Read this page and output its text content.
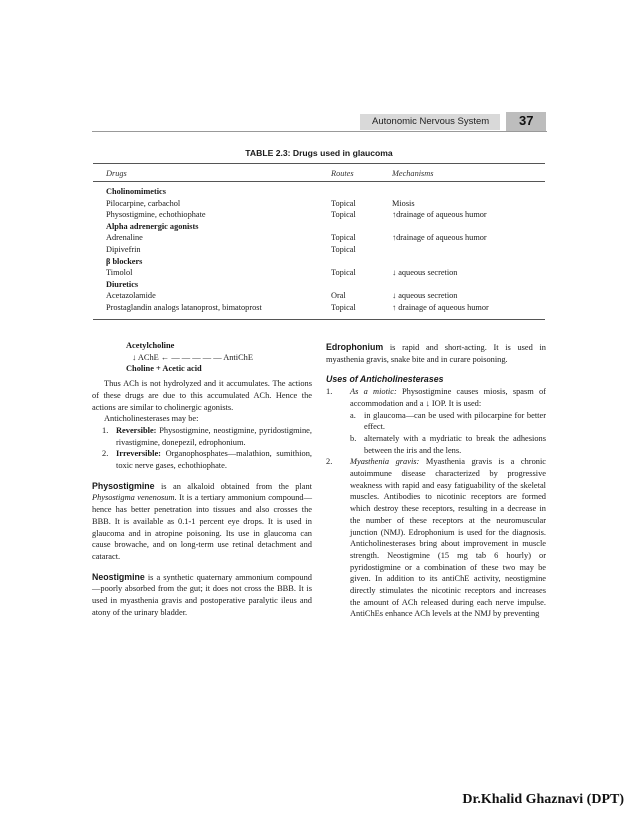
Autonomic Nervous System 37
TABLE 2.3: Drugs used in glaucoma
Drugs	Routes	Mechanisms
Cholinomimetics
Pilocarpine, carbachol	Topical	Miosis
Physostigmine, echothiophate	Topical	↑drainage of aqueous humor
Alpha adrenergic agonists
Adrenaline	Topical	↑drainage of aqueous humor
Dipivefrin	Topical
β blockers
Timolol	Topical	↓ aqueous secretion
Diuretics
Acetazolamide	Oral	↓ aqueous secretion
Prostaglandin analogs latanoprost, bimatoprost	Topical	↑ drainage of aqueous humor
Acetylcholine
↓ AChE ← — — — — — AntiChE
Choline + Acetic acid

Thus ACh is not hydrolyzed and it accumulates. The actions of these drugs are due to this accumulated ACh. Hence the actions are similar to cholinergic agonists.

Anticholinesterases may be:

1. Reversible: Physostigmine, neostigmine, pyridostigmine, rivastigmine, donepezil, edrophonium.
2. Irreversible: Organophosphates—malathion, sumithion, toxic nerve gases, echothiophate.

Physostigmine is an alkaloid obtained from the plant Physostigma venenosum. It is a tertiary ammonium compound—hence has better penetration into tissues and also crosses the BBB. It is available as 0.1-1 percent eye drops. It is used in glaucoma and in atropine poisoning. Its use in glaucoma can cause browache, and on long-term use retinal detachment and cataract.

Neostigmine is a synthetic quaternary ammonium compound—poorly absorbed from the gut; it does not cross the BBB. It is used in myasthenia gravis and postoperative paralytic ileus and atony of the urinary bladder.

Edrophonium is rapid and short-acting. It is used in myasthenia gravis, snake bite and in curare poisoning.

Uses of Anticholinesterases
1. As a miotic: Physostigmine causes miosis, spasm of accommodation and a ↓ IOP. It is used:
a. in glaucoma—can be used with pilocarpine for better effect.
b. alternately with a mydriatic to break the adhesions between the iris and the lens.
2. Myasthenia gravis: Myasthenia gravis is a chronic autoimmune disease characterized by progressive weakness with rapid and easy fatiguability of the skeletal muscles. Antibodies to nicotinic receptors are formed which destroy these receptors, resulting in a decrease in the number of these receptors at the neuromuscular junction (NMJ). Edrophonium is used for the diagnosis. Anticholinesterases bring about improvement in muscle strength. Neostigmine (15 mg tab 6 hourly) or pyridostigmine or a combination of these two may be given. In addition to its antiChE activity, neostigmine directly stimulates the nicotinic receptors and increases the amount of ACh released during each nerve impulse. AntiChEs enhance ACh levels at the NMJ by preventing
Dr.Khalid Ghaznavi (DPT)
